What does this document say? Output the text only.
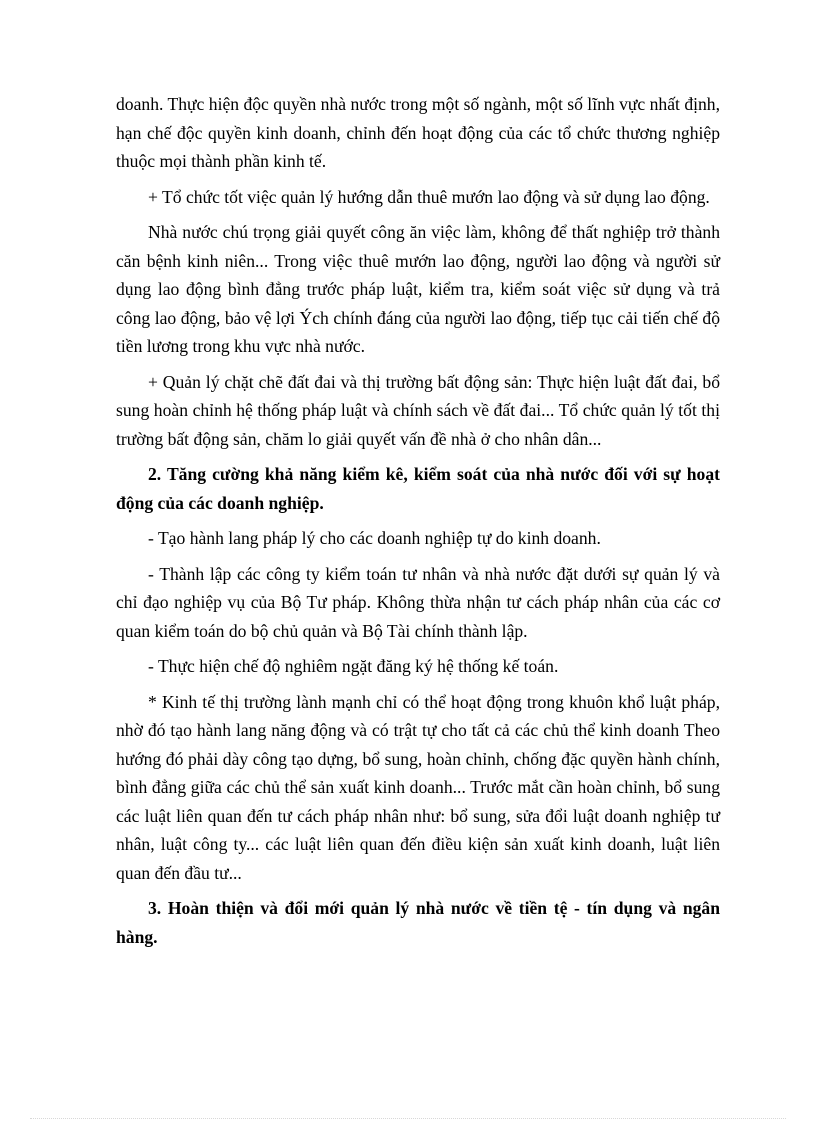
doanh. Thực hiện độc quyền nhà nước trong một số ngành, một số lĩnh vực nhất định, hạn chế độc quyền kinh doanh, chỉnh đến hoạt động của các tổ chức thương nghiệp thuộc mọi thành phần kinh tế.

+ Tổ chức tốt việc quản lý hướng dẫn thuê mướn lao động và sử dụng lao động.

Nhà nước chú trọng giải quyết công ăn việc làm, không để thất nghiệp trở thành căn bệnh kinh niên... Trong việc thuê mướn lao động, người lao động và người sử dụng lao động bình đẳng trước pháp luật, kiểm tra, kiểm soát việc sử dụng và trả công lao động, bảo vệ lợi Ých chính đáng của người lao động, tiếp tục cải tiến chế độ tiền lương trong khu vực nhà nước.

+ Quản lý chặt chẽ đất đai và thị trường bất động sản: Thực hiện luật đất đai, bổ sung hoàn chỉnh hệ thống pháp luật và chính sách về đất đai... Tổ chức quản lý tốt thị trường bất động sản, chăm lo giải quyết vấn đề nhà ở cho nhân dân...

2. Tăng cường khả năng kiểm kê, kiểm soát của nhà nước đối với sự hoạt động của các doanh nghiệp.

- Tạo hành lang pháp lý cho các doanh nghiệp tự do kinh doanh.

- Thành lập các công ty kiểm toán tư nhân và nhà nước đặt dưới sự quản lý và chỉ đạo nghiệp vụ của Bộ Tư pháp. Không thừa nhận tư cách pháp nhân của các cơ quan kiểm toán do bộ chủ quản và Bộ Tài chính thành lập.

- Thực hiện chế độ nghiêm ngặt đăng ký hệ thống kế toán.

* Kinh tế thị trường lành mạnh chỉ có thể hoạt động trong khuôn khổ luật pháp, nhờ đó tạo hành lang năng động và có trật tự cho tất cả các chủ thể kinh doanh Theo hướng đó phải dày công tạo dựng, bổ sung, hoàn chỉnh, chống đặc quyền hành chính, bình đẳng giữa các chủ thể sản xuất kinh doanh... Trước mắt cần hoàn chỉnh, bổ sung các luật liên quan đến tư cách pháp nhân như: bổ sung, sửa đổi luật doanh nghiệp tư nhân, luật công ty... các luật liên quan đến điều kiện sản xuất kinh doanh, luật liên quan đến đầu tư...

3. Hoàn thiện và đổi mới quản lý nhà nước về tiền tệ - tín dụng và ngân hàng.
